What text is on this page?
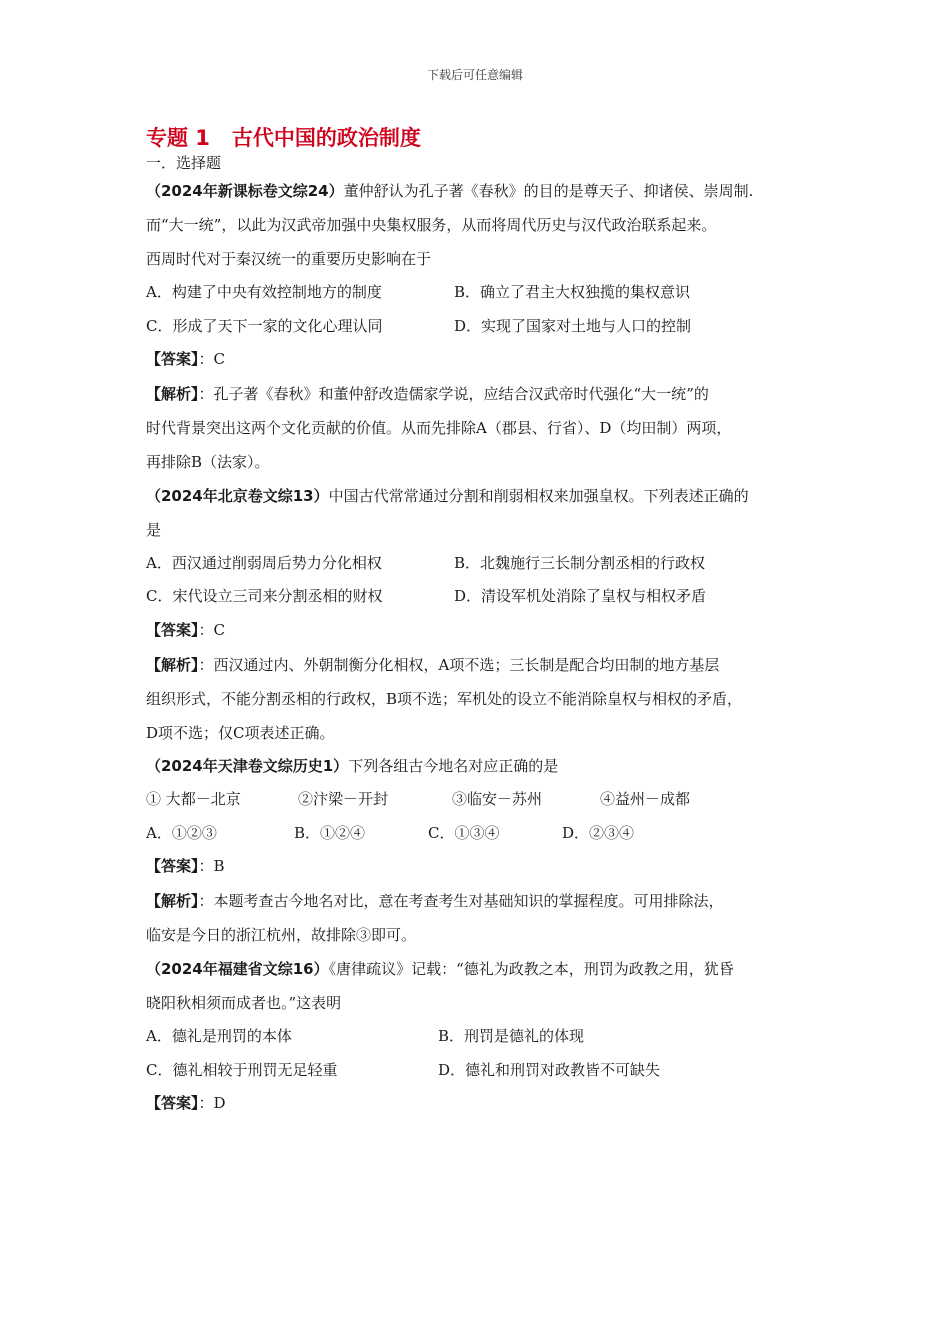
下载后可任意编辑
专题 1   古代中国的政治制度
一．选择题
（2024年新课标卷文综24）董仲舒认为孔子著《春秋》的目的是尊天子、抑诸侯、崇周制.
而“大一统”，以此为汉武帝加强中央集权服务，从而将周代历史与汉代政治联系起来。
西周时代对于秦汉统一的重要历史影响在于
A．构建了中央有效控制地方的制度	B．确立了君主大权独揽的集权意识
C．形成了天下一家的文化心理认同	D．实现了国家对土地与人口的控制
【答案】：C
【解析】：孔子著《春秋》和董仲舒改造儒家学说，应结合汉武帝时代强化“大一统”的
时代背景突出这两个文化贡献的价值。从而先排除A（郡县、行省）、D（均田制）两项，
再排除B（法家）。
（2024年北京卷文综13）中国古代常常通过分割和削弱相权来加强皇权。下列表述正确的
是
A．西汉通过削弱周后势力分化相权	B．北魏施行三长制分割丞相的行政权
C．宋代设立三司来分割丞相的财权	D．清设军机处消除了皇权与相权矛盾
【答案】：C
【解析】：西汉通过内、外朝制衡分化相权，A项不选；三长制是配合均田制的地方基层
组织形式，不能分割丞相的行政权，B项不选；军机处的设立不能消除皇权与相权的矛盾，
D项不选；仅C项表述正确。
（2024年天津卷文综历史1）下列各组古今地名对应正确的是
① 大都－北京	②汴梁－开封	③临安－苏州	④益州－成都
A．①②③	B．①②④	C．①③④	D．②③④
【答案】：B
【解析】：本题考查古今地名对比，意在考查考生对基础知识的掌握程度。可用排除法，
临安是今日的浙江杭州，故排除③即可。
（2024年福建省文综16）《唐律疏议》记载：“德礼为政教之本，刑罚为政教之用，犹昏
晓阳秋相须而成者也。”这表明
A．德礼是刑罚的本体	B．刑罚是德礼的体现
C．德礼相较于刑罚无足轻重	D．德礼和刑罚对政教皆不可缺失
【答案】：D
